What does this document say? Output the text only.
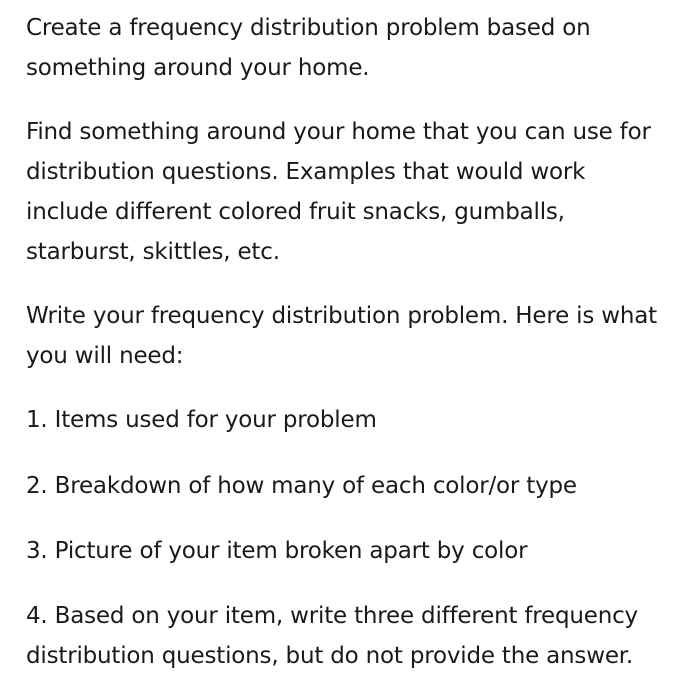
Create a frequency distribution problem based on
something around your home.
Find something around your home that you can use for
distribution questions. Examples that would work
include different colored fruit snacks, gumballs,
starburst, skittles, etc.
Write your frequency distribution problem. Here is what
you will need:
1. Items used for your problem
2. Breakdown of how many of each color/or type
3. Picture of your item broken apart by color
4. Based on your item, write three different frequency
distribution questions, but do not provide the answer.
